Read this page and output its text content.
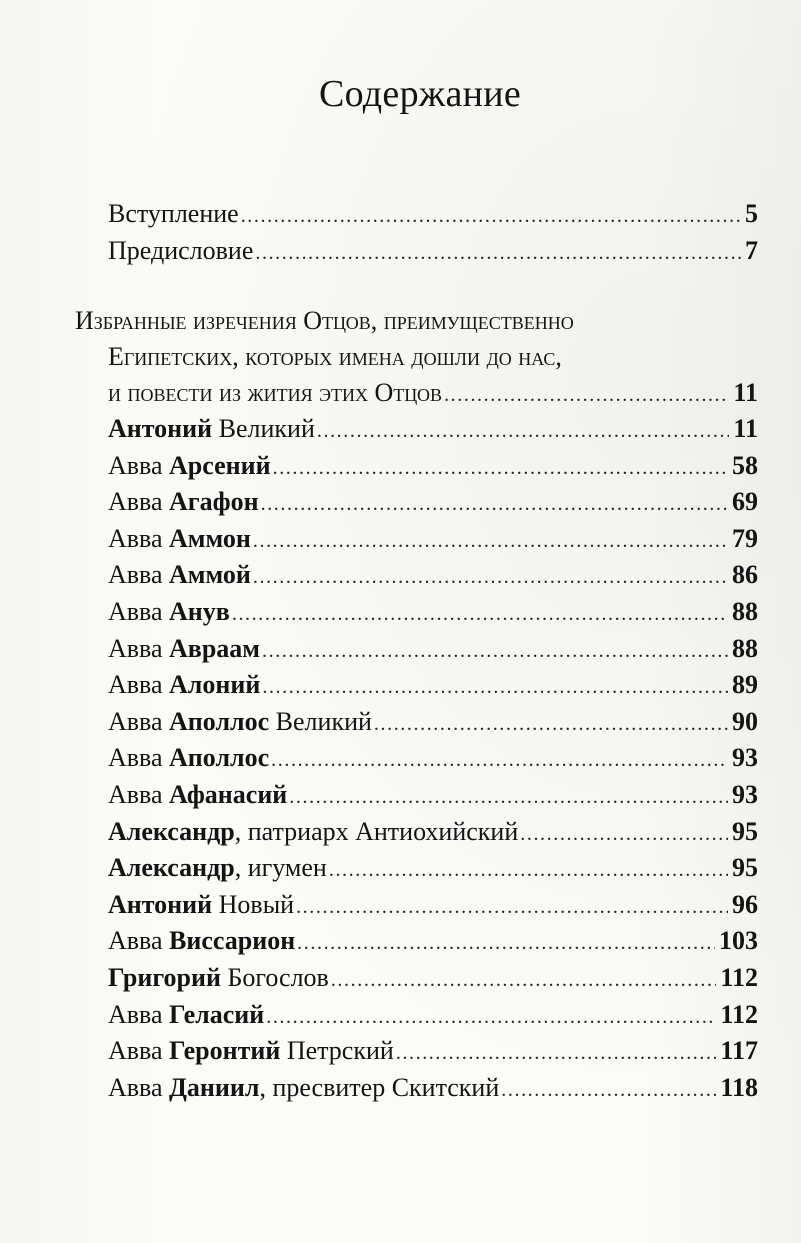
Содержание
Вступление .....	5
Предисловие .....	7
Избранные изречения Отцов, преимущественно
Египетских, которых имена дошли до нас,
и повести из жития этих Отцов .....	11
Антоний Великий .....	11
Авва Арсений .....	58
Авва Агафон .....	69
Авва Аммон .....	79
Авва Аммой .....	86
Авва Анув .....	88
Авва Авраам .....	88
Авва Алоний .....	89
Авва Аполлос Великий .....	90
Авва Аполлос .....	93
Авва Афанасий .....	93
Александр, патриарх Антиохийский .....	95
Александр, игумен .....	95
Антоний Новый .....	96
Авва Виссарион .....	103
Григорий Богослов .....	112
Авва Геласий .....	112
Авва Геронтий Петрский .....	117
Авва Даниил, пресвитер Скитский .....	118
